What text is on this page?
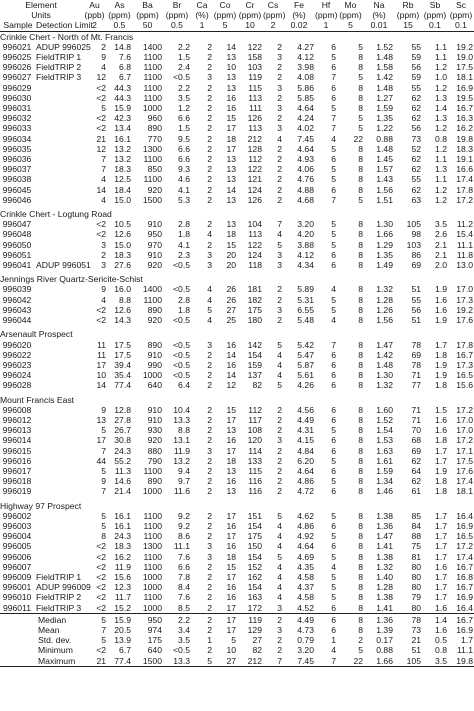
Element		Au	As	Ba	Br	Ca	Co	Cr	Cs	Fe	Hf	Mo	Na	Rb	Sb	Sc
Units		(ppb)	(ppm)	(ppm)	(ppm)	(%)	(ppm)	(ppm)	(ppm)	(%)	(ppm)	(ppm)	(%)	(ppm)	(ppm)	(ppm)
Sample	Detection Limit	2	0.5	50	0.5	1	5	10	2	0.02	1	5	0.01	15	0.1	0.1
Crinkle Chert - North of Mt. Francis																
996021	ADUP 996025	2	14.8	1400	2.2	2	14	122	2	4.27	6	5	1.52	55	1.1	19.2
996025	FieldTRIP 1	9	7.6	1100	1.5	2	13	158	3	4.12	5	8	1.48	59	1.1	19.0
996026	FieldTRIP 2	4	6.8	1100	2.4	2	10	103	2	3.98	6	8	1.58	56	1.2	17.5
996027	FieldTRIP 3	12	6.7	1100	<0.5	3	13	119	2	4.08	7	5	1.42	59	1.0	18.1
996029		<2	44.3	1100	2.2	2	13	115	3	5.86	6	8	1.48	55	1.2	16.9
996030		<2	44.3	1100	3.5	2	16	113	2	5.85	6	8	1.27	62	1.3	19.5
996031		5	15.9	1000	1.2	2	16	111	3	4.64	5	8	1.59	62	1.4	16.7
996032		<2	42.3	960	6.6	2	15	126	2	4.24	7	5	1.35	62	1.3	16.3
996033		<2	13.4	890	1.5	2	17	113	3	4.02	7	5	1.22	56	1.2	16.2
996034		21	16.1	770	9.5	2	18	212	4	7.45	4	22	0.88	73	0.8	19.8
996035		12	13.2	1300	6.6	2	17	128	2	4.64	5	8	1.48	52	1.2	18.3
996036		7	13.2	1100	6.6	2	13	112	2	4.93	6	8	1.45	62	1.1	19.1
996037		7	18.3	850	9.3	2	13	122	2	4.06	5	8	1.57	62	1.3	16.6
996038		4	12.5	1100	4.6	2	13	121	2	4.76	5	8	1.43	55	1.1	17.4
996045		14	18.4	920	4.1	2	14	124	2	4.88	6	8	1.56	62	1.2	17.8
996046		4	15.0	1500	5.3	2	13	126	2	4.68	7	5	1.51	63	1.2	17.2
Crinkle Chert - Logtung Road																
996047		<2	10.5	910	2.8	2	13	104	7	3.20	5	8	1.30	105	3.5	11.2
996048		<2	12.6	950	1.8	4	18	113	4	4.20	5	8	1.66	98	2.6	15.4
996050		3	15.0	970	4.1	2	15	122	5	3.88	5	8	1.29	103	2.1	11.1
996051		2	18.3	910	2.3	3	20	124	3	4.12	6	8	1.35	86	2.1	11.8
996041	ADUP 996051	3	27.6	920	<0.5	3	20	118	3	4.34	6	8	1.49	69	2.0	13.0
Jennings River Quartz-Sericite-Schist																
996039		9	16.0	1400	<0.5	4	26	181	2	5.89	4	8	1.32	51	1.9	17.0
996042		4	8.8	1100	2.8	4	26	182	2	5.31	5	8	1.28	55	1.6	17.3
996043		<2	12.6	890	1.8	5	27	175	3	6.55	5	8	1.26	56	1.6	19.2
996044		<2	14.3	920	<0.5	4	25	180	2	5.48	4	8	1.56	51	1.9	17.6
Arsenault Prospect																
996020		11	17.5	890	<0.5	3	16	142	5	5.42	7	8	1.47	78	1.7	17.8
996022		11	17.5	910	<0.5	2	14	154	4	5.47	6	8	1.42	69	1.8	16.7
996023		17	39.4	990	<0.5	2	16	159	4	5.87	6	8	1.48	78	1.9	17.3
996024		10	35.4	1000	<0.5	2	14	137	4	5.61	6	8	1.30	71	1.9	16.5
996028		14	77.4	640	6.4	2	12	82	5	4.26	6	8	1.32	77	1.8	15.6
Mount Francis East																
996008		9	12.8	910	10.4	2	15	112	2	4.56	6	8	1.60	71	1.5	17.2
996012		13	27.8	910	13.3	2	17	117	2	4.49	6	8	1.52	71	1.6	17.0
996013		5	26.7	930	8.8	2	13	108	2	4.31	5	8	1.54	70	1.6	17.0
996014		17	30.8	920	13.1	2	16	120	3	4.15	6	8	1.53	68	1.8	17.2
996015		7	24.3	880	11.9	3	17	114	2	4.84	6	8	1.63	69	1.7	17.1
996016		44	55.2	790	13.2	2	18	133	2	6.20	5	8	1.61	62	1.7	17.5
996017		5	11.3	1100	9.4	2	13	115	2	4.64	6	8	1.59	64	1.9	17.6
996018		9	14.6	890	9.7	2	16	116	2	4.86	5	8	1.34	62	1.8	17.4
996019		7	21.4	1000	11.6	2	13	116	2	4.72	6	8	1.46	61	1.8	18.1
Highway 97 Prospect																
996002		5	16.1	1100	9.2	2	17	151	5	4.62	5	8	1.38	85	1.7	16.4
996003		5	16.1	1100	9.2	2	16	154	4	4.86	6	8	1.36	84	1.7	16.9
996004		8	24.3	1100	8.6	2	17	175	4	4.92	5	8	1.47	88	1.7	16.5
996005		<2	18.3	1300	11.1	3	16	150	4	4.64	6	8	1.41	75	1.7	17.2
996006		<2	16.2	1100	7.6	3	18	154	5	4.69	5	8	1.38	81	1.7	17.4
996007		<2	11.9	1100	6.6	2	15	152	4	4.35	4	8	1.32	80	1.6	16.7
996009	FieldTRIP 1	<2	15.6	1000	7.8	2	17	162	4	4.58	5	8	1.40	80	1.7	16.8
996001	ADUP 996009	<2	12.3	1000	8.4	2	16	154	4	4.37	5	8	1.28	80	1.7	16.7
996010	FieldTRIP 2	<2	11.7	1100	7.6	2	16	163	4	4.58	5	8	1.38	79	1.7	16.9
996011	FieldTRIP 3	<2	15.2	1000	8.5	2	17	172	3	4.52	6	8	1.41	80	1.6	16.4
Median		5	15.9	950	2.2	2	17	119	2	4.49	6	8	1.36	78	1.4	16.7
Mean		7	20.5	974	3.4	2	17	129	3	4.73	6	8	1.39	73	1.6	16.9
Std. dev.		5	13.9	175	3.5	1	5	27	2	0.79	1	2	0.17	21	0.5	1.7
Minimum		<2	6.7	640	<0.5	2	10	82	2	3.20	4	5	0.88	51	0.8	11.1
Maximum		21	77.4	1500	13.3	5	27	212	7	7.45	7	22	1.66	105	3.5	19.8
